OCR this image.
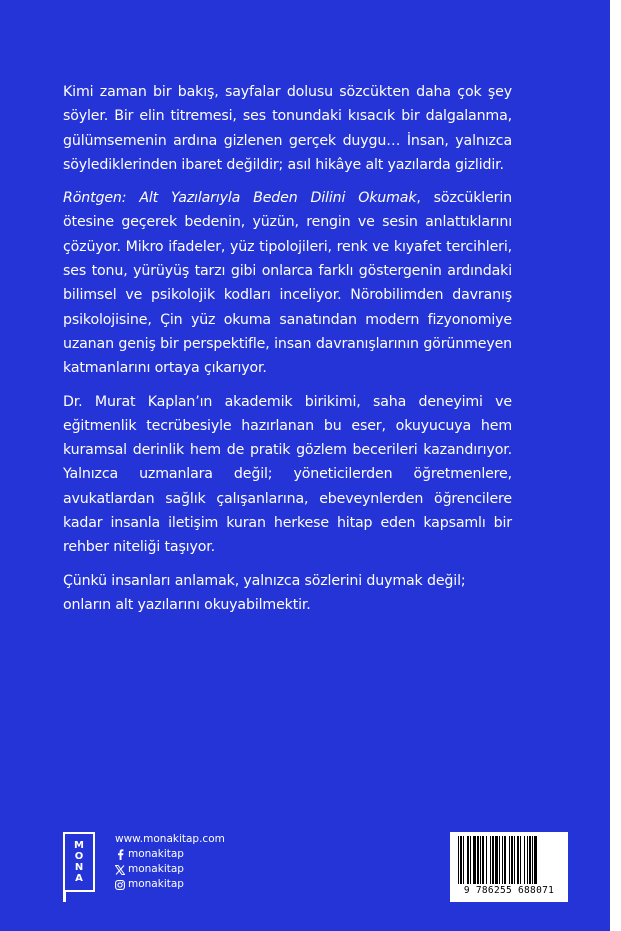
Kimi zaman bir bakış, sayfalar dolusu sözcükten daha çok şey söyler. Bir elin titremesi, ses tonundaki kısacık bir dalgalanma, gülümsemenin ardına gizlenen gerçek duygu… İnsan, yalnızca söylediklerinden ibaret değildir; asıl hikâye alt yazılarda gizlidir.

Röntgen: Alt Yazılarıyla Beden Dilini Okumak, sözcüklerin ötesine geçerek bedenin, yüzün, rengin ve sesin anlattıklarını çözüyor. Mikro ifadeler, yüz tipolojileri, renk ve kıyafet tercihleri, ses tonu, yürüyüş tarzı gibi onlarca farklı göstergenin ardındaki bilimsel ve psikolojik kodları inceliyor. Nörobilimden davranış psikolojisine, Çin yüz okuma sanatından modern fizyonomiye uzanan geniş bir perspektifle, insan davranışlarının görünmeyen katmanlarını ortaya çıkarıyor.

Dr. Murat Kaplan’ın akademik birikimi, saha deneyimi ve eğitmenlik tecrübesiyle hazırlanan bu eser, okuyucuya hem kuramsal derinlik hem de pratik gözlem becerileri kazandırıyor. Yalnızca uzmanlara değil; yöneticilerden öğretmenlere, avukatlardan sağlık çalışanlarına, ebeveynlerden öğrencilere kadar insanla iletişim kuran herkese hitap eden kapsamlı bir rehber niteliği taşıyor.

Çünkü insanları anlamak, yalnızca sözlerini duymak değil; onların alt yazılarını okuyabilmektir.

M
O
N
A
www.monakitap.com
monakitap
monakitap
monakitap
9 786255 688071
